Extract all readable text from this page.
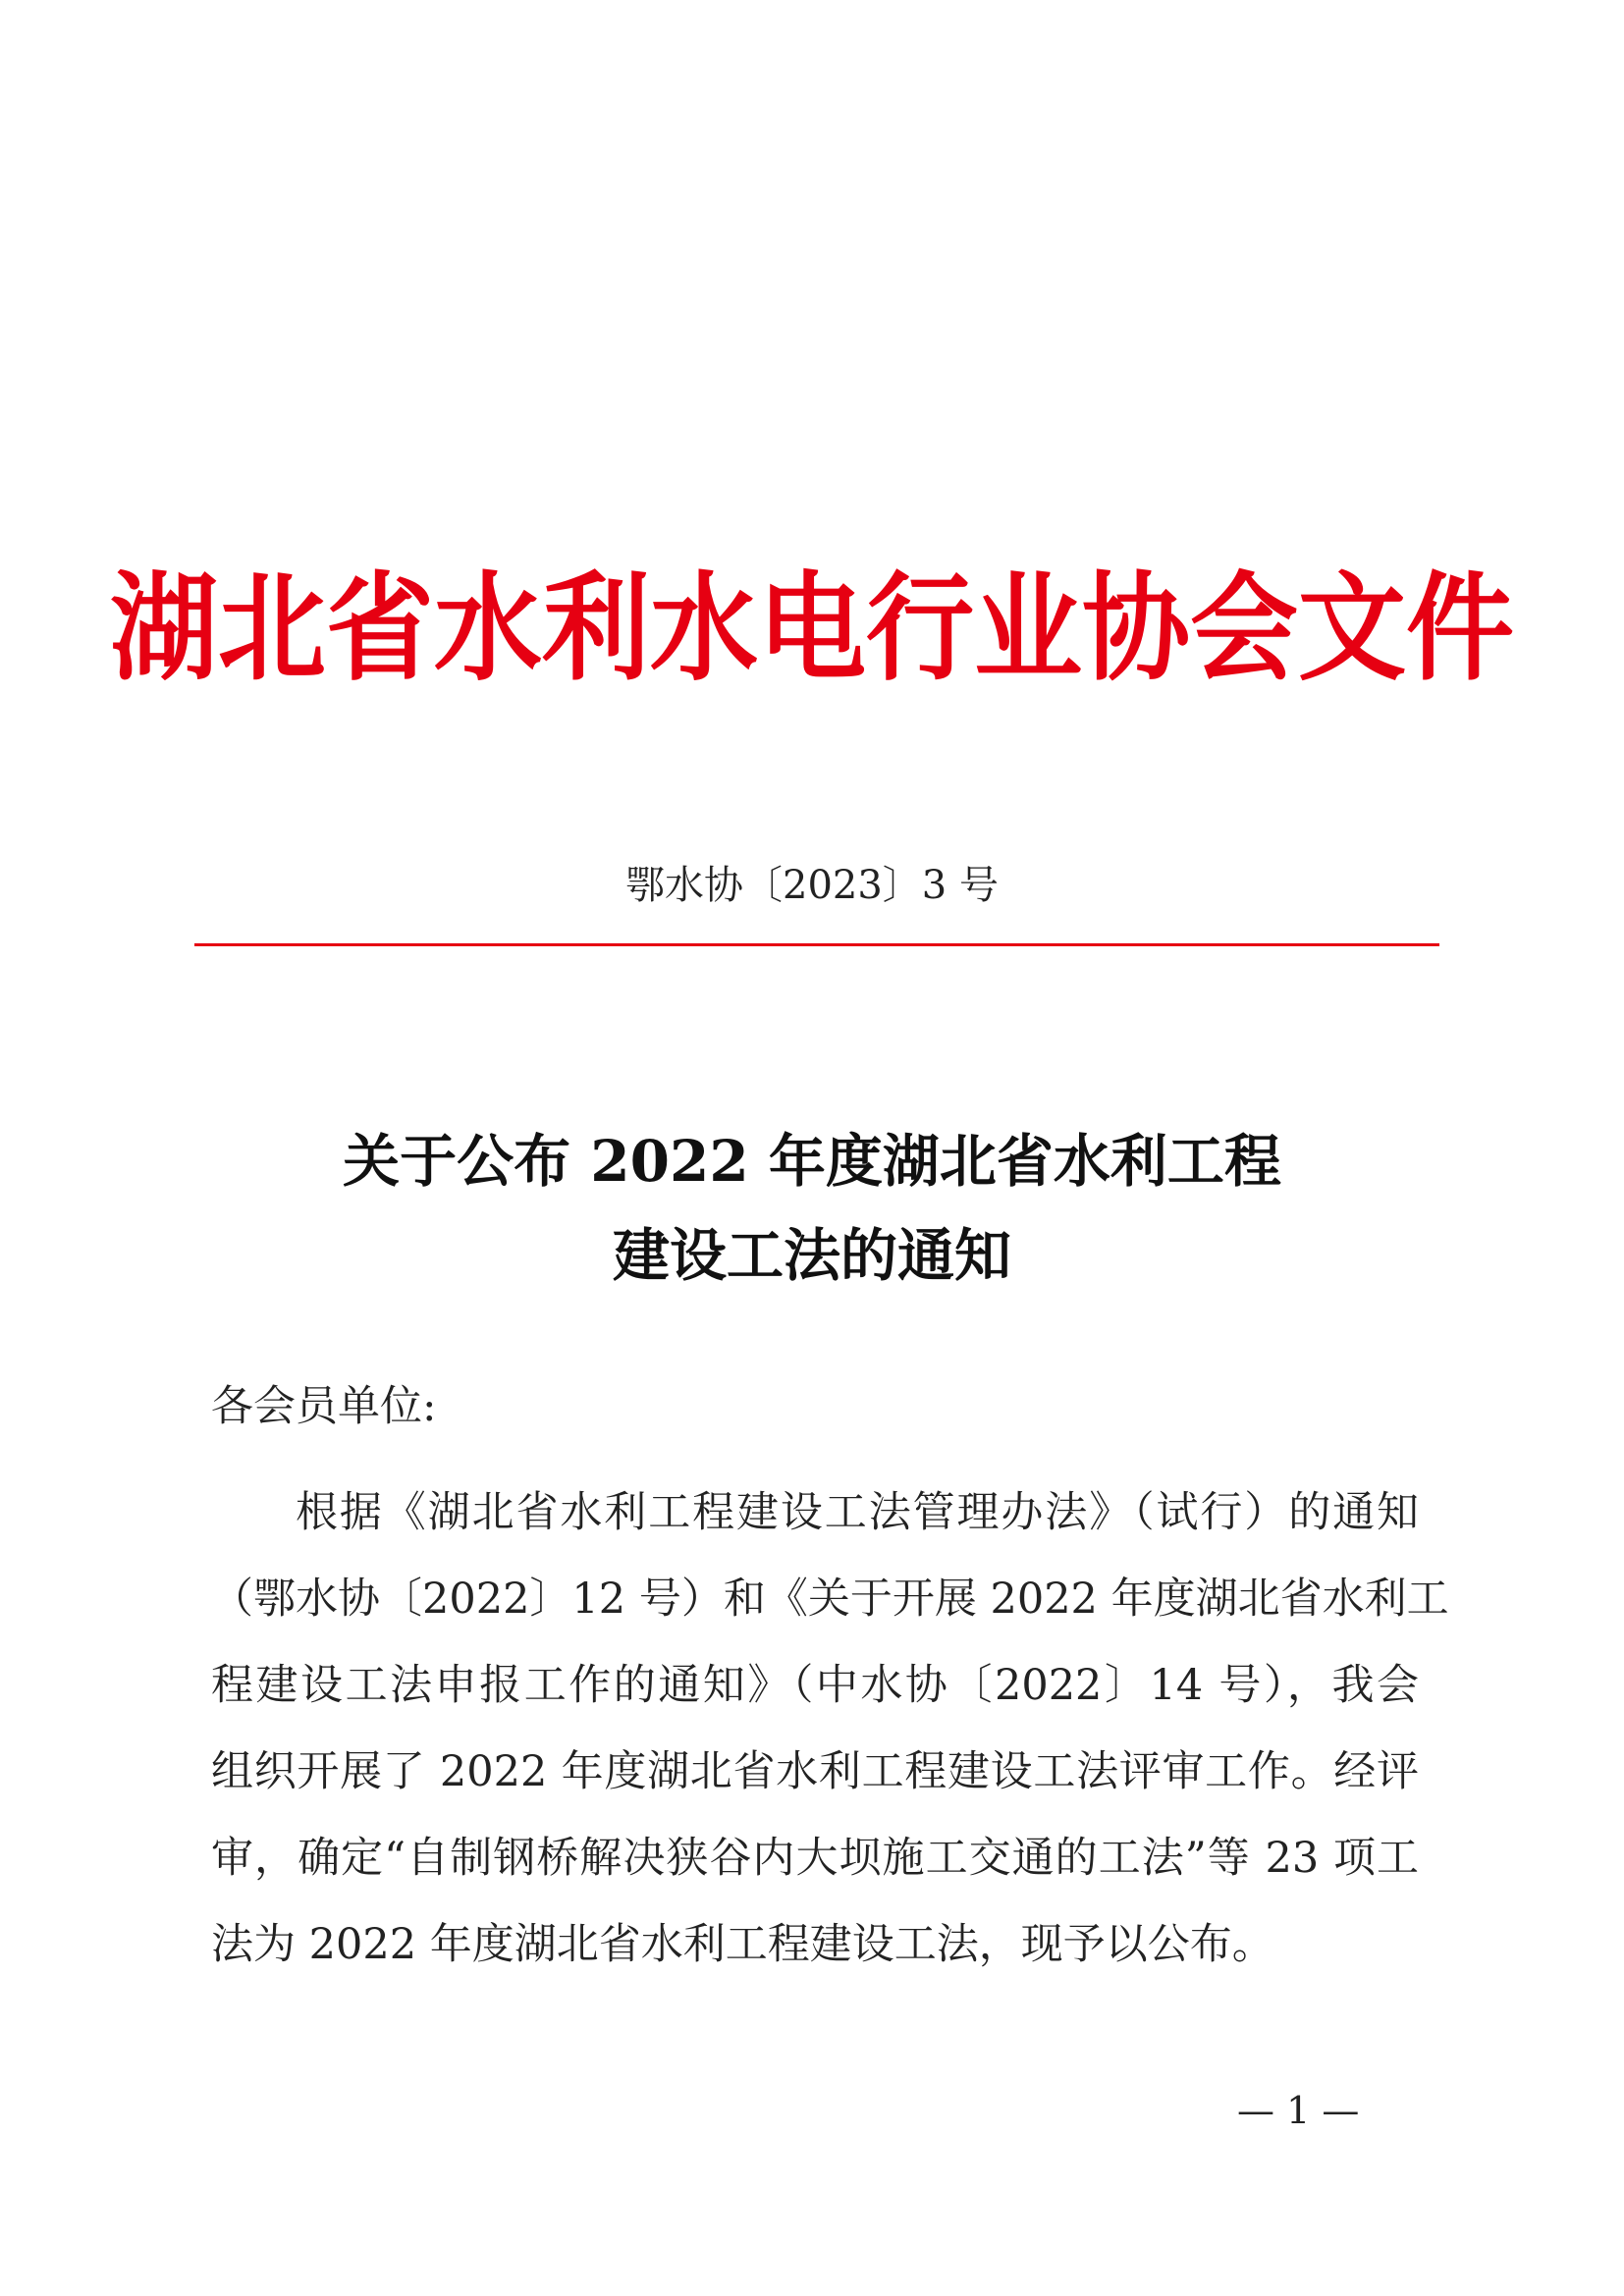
湖北省水利水电行业协会文件
鄂水协〔2023〕3 号
关于公布 2022 年度湖北省水利工程
建设工法的通知
各会员单位:
根据《湖北省水利工程建设工法管理办法》（试行）的通知
（鄂水协〔2022〕12 号）和《关于开展 2022 年度湖北省水利工
程建设工法申报工作的通知》（中水协〔2022〕14 号），我会
组织开展了 2022 年度湖北省水利工程建设工法评审工作。经评
审，确定“自制钢桥解决狭谷内大坝施工交通的工法”等 23 项工
法为 2022 年度湖北省水利工程建设工法，现予以公布。
— 1 —
